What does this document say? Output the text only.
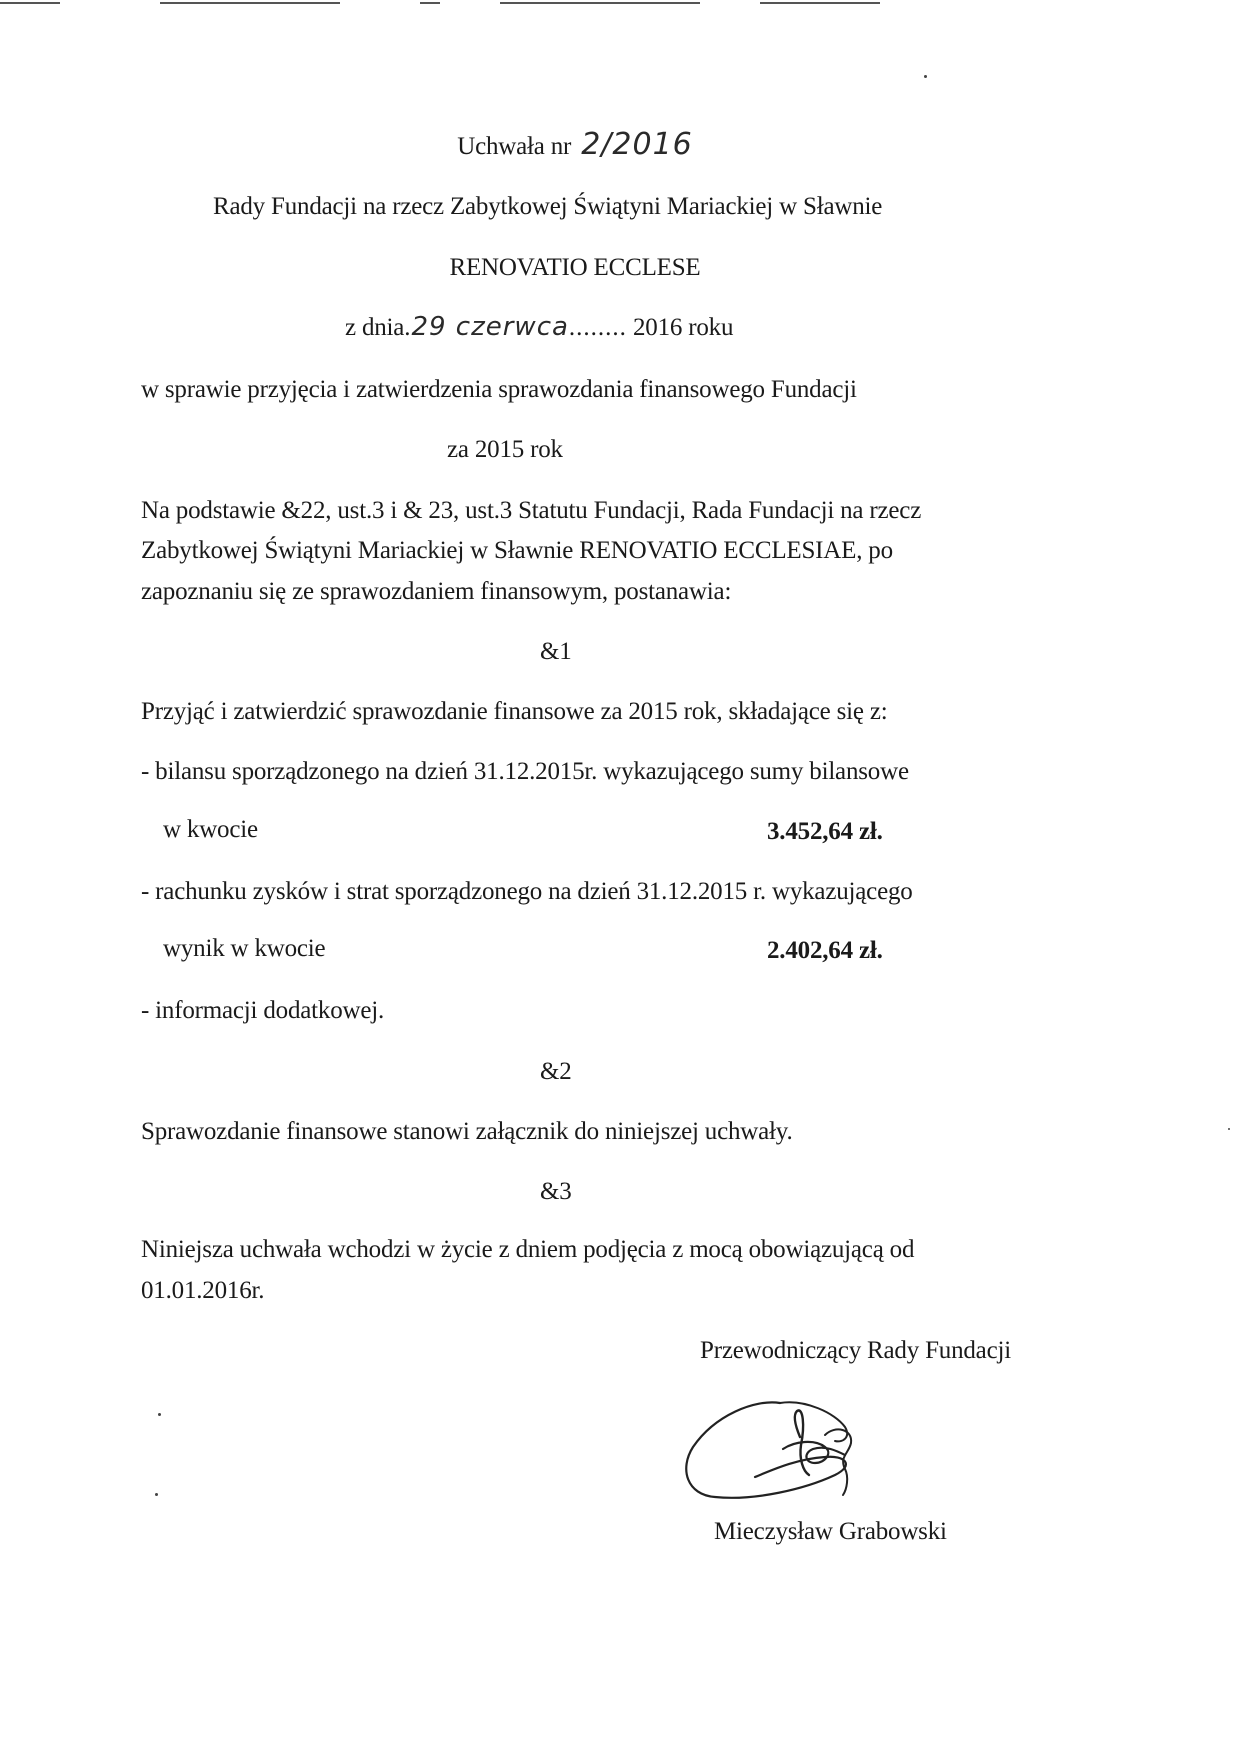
Uchwała nr 2/2016
Rady Fundacji na rzecz Zabytkowej Świątyni Mariackiej w Sławnie
RENOVATIO ECCLESE
z dnia.29 czerwca........ 2016 roku
w sprawie przyjęcia i zatwierdzenia sprawozdania finansowego Fundacji
za 2015 rok
Na podstawie &22, ust.3 i & 23, ust.3 Statutu Fundacji, Rada Fundacji na rzecz
Zabytkowej Świątyni Mariackiej w Sławnie RENOVATIO ECCLESIAE, po
zapoznaniu się ze sprawozdaniem finansowym, postanawia:
&1
Przyjąć i zatwierdzić sprawozdanie finansowe za 2015 rok, składające się z:
- bilansu sporządzonego na dzień 31.12.2015r. wykazującego sumy bilansowe
w kwocie	3.452,64 zł.
- rachunku zysków i strat sporządzonego na dzień 31.12.2015 r. wykazującego
wynik w kwocie	2.402,64 zł.
- informacji dodatkowej.
&2
Sprawozdanie finansowe stanowi załącznik do niniejszej uchwały.
&3
Niniejsza uchwała wchodzi w życie z dniem podjęcia z mocą obowiązującą od
01.01.2016r.
Przewodniczący Rady Fundacji
Mieczysław Grabowski
